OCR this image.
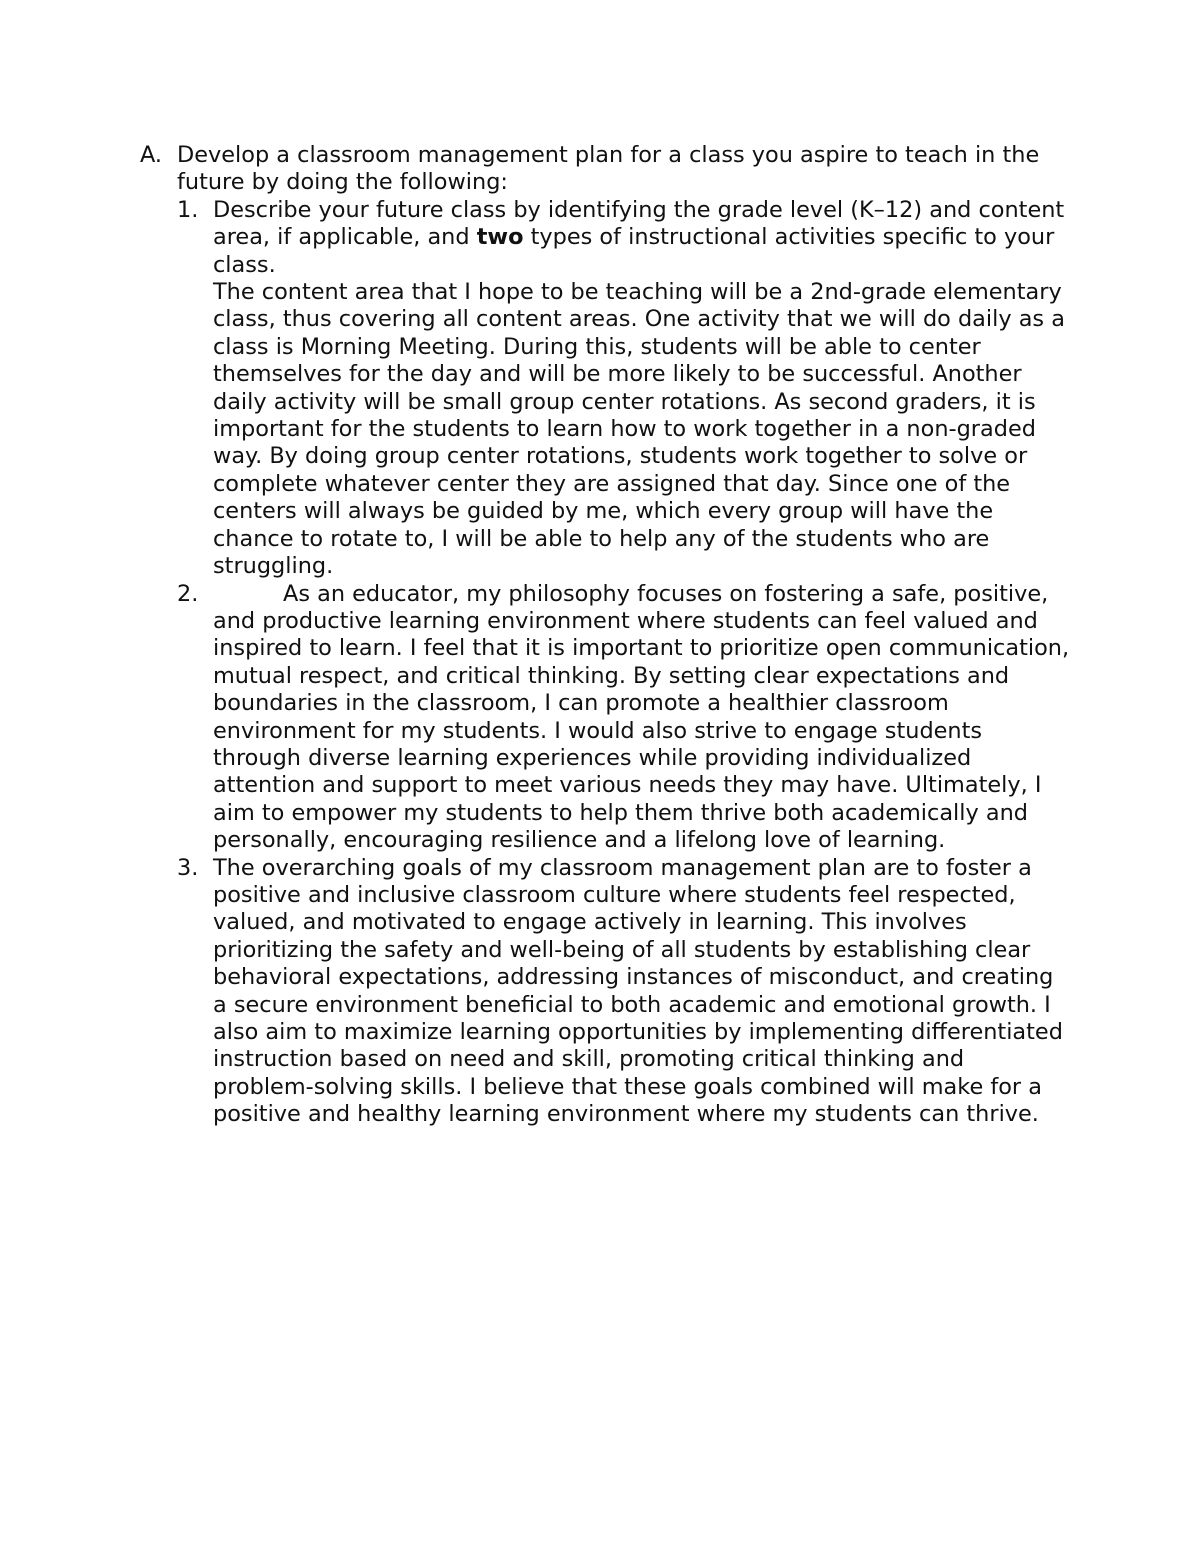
A. Develop a classroom management plan for a class you aspire to teach in the future by doing the following:
1. Describe your future class by identifying the grade level (K–12) and content area, if applicable, and two types of instructional activities specific to your class.
The content area that I hope to be teaching will be a 2nd-grade elementary class, thus covering all content areas. One activity that we will do daily as a class is Morning Meeting. During this, students will be able to center themselves for the day and will be more likely to be successful. Another daily activity will be small group center rotations. As second graders, it is important for the students to learn how to work together in a non-graded way. By doing group center rotations, students work together to solve or complete whatever center they are assigned that day. Since one of the centers will always be guided by me, which every group will have the chance to rotate to, I will be able to help any of the students who are struggling.
2.	As an educator, my philosophy focuses on fostering a safe, positive, and productive learning environment where students can feel valued and inspired to learn. I feel that it is important to prioritize open communication, mutual respect, and critical thinking. By setting clear expectations and boundaries in the classroom, I can promote a healthier classroom environment for my students. I would also strive to engage students through diverse learning experiences while providing individualized attention and support to meet various needs they may have. Ultimately, I aim to empower my students to help them thrive both academically and personally, encouraging resilience and a lifelong love of learning.
3. The overarching goals of my classroom management plan are to foster a positive and inclusive classroom culture where students feel respected, valued, and motivated to engage actively in learning. This involves prioritizing the safety and well-being of all students by establishing clear behavioral expectations, addressing instances of misconduct, and creating a secure environment beneficial to both academic and emotional growth. I also aim to maximize learning opportunities by implementing differentiated instruction based on need and skill, promoting critical thinking and problem-solving skills. I believe that these goals combined will make for a positive and healthy learning environment where my students can thrive.
